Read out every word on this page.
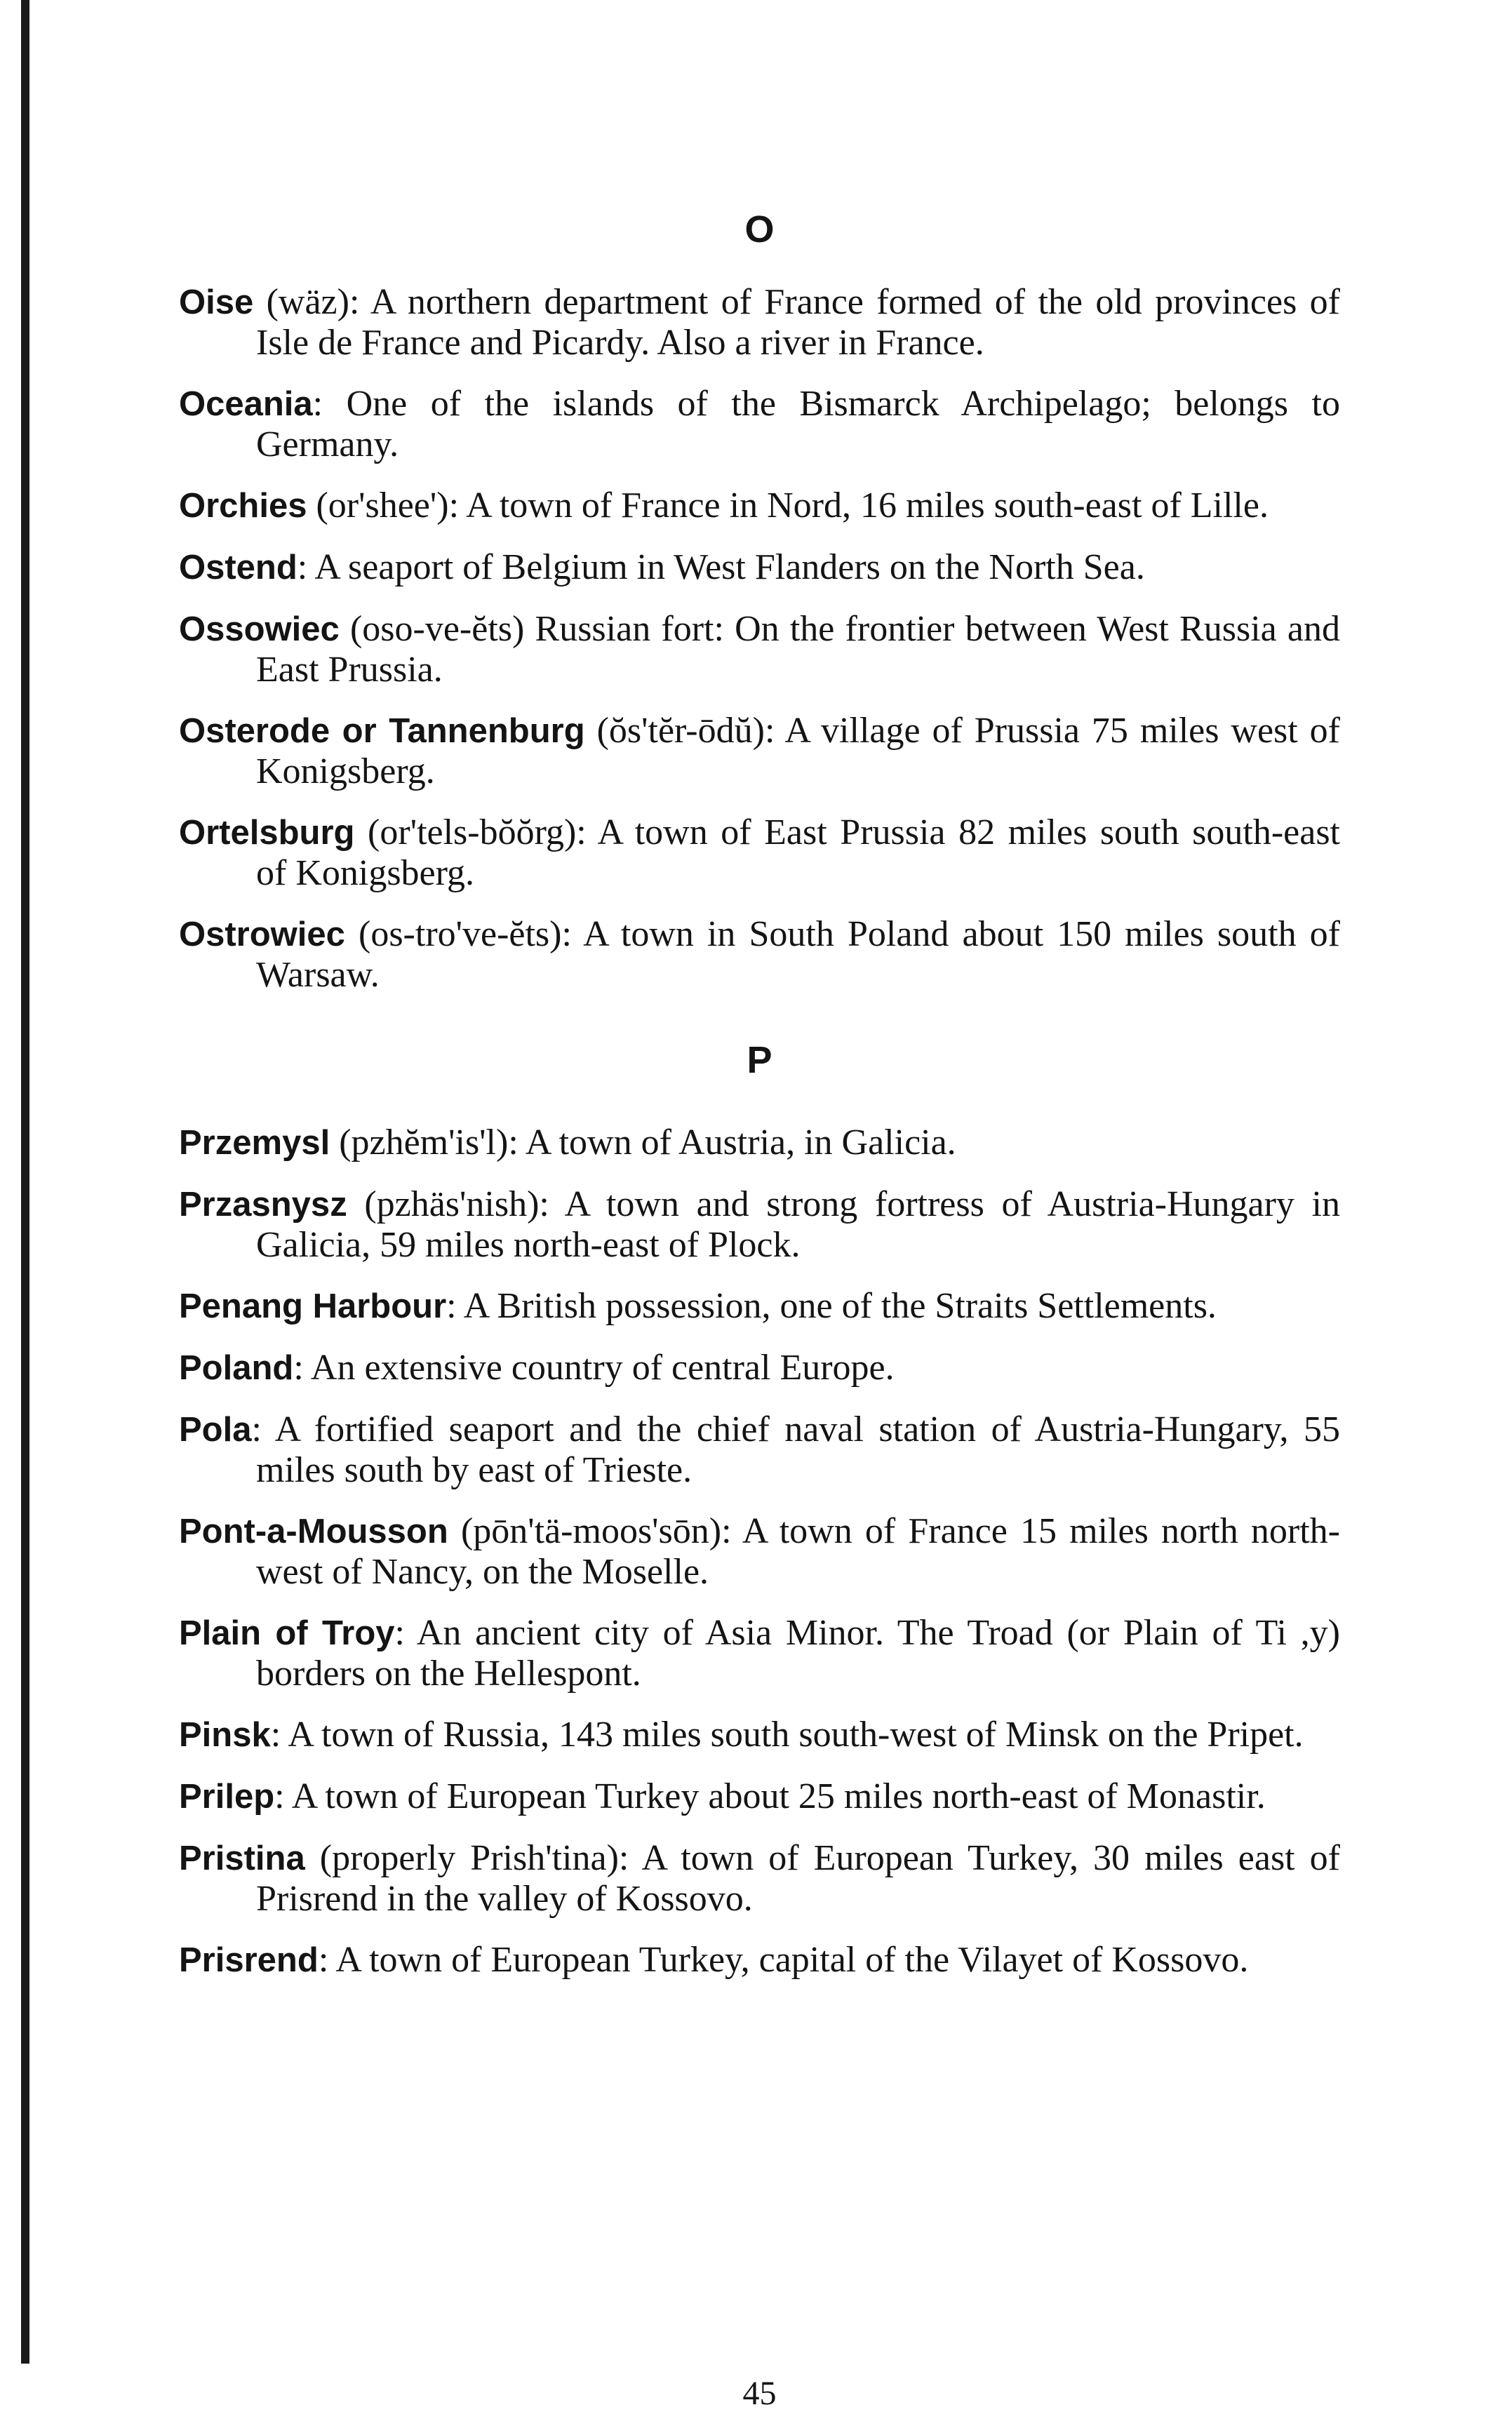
O

Oise (wäz): A northern department of France formed of the old provinces of Isle de France and Picardy. Also a river in France.

Oceania: One of the islands of the Bismarck Archipelago; belongs to Germany.

Orchies (or'shee'): A town of France in Nord, 16 miles south-east of Lille.

Ostend: A seaport of Belgium in West Flanders on the North Sea.

Ossowiec (oso-ve-ĕts) Russian fort: On the frontier between West Russia and East Prussia.

Osterode or Tannenburg (ŏs'tĕr-ōdŭ): A village of Prussia 75 miles west of Konigsberg.

Ortelsburg (or'tels-bŏŏrg): A town of East Prussia 82 miles south south-east of Konigsberg.

Ostrowiec (os-tro've-ĕts): A town in South Poland about 150 miles south of Warsaw.

P

Przemysl (pzhĕm'is'l): A town of Austria, in Galicia.

Przasnysz (pzhäs'nish): A town and strong fortress of Austria-Hungary in Galicia, 59 miles north-east of Plock.

Penang Harbour: A British possession, one of the Straits Settlements.

Poland: An extensive country of central Europe.

Pola: A fortified seaport and the chief naval station of Austria-Hungary, 55 miles south by east of Trieste.

Pont-a-Mousson (pōn'tä-moos'sōn): A town of France 15 miles north north-west of Nancy, on the Moselle.

Plain of Troy: An ancient city of Asia Minor. The Troad (or Plain of Ti ,y) borders on the Hellespont.

Pinsk: A town of Russia, 143 miles south south-west of Minsk on the Pripet.

Prilep: A town of European Turkey about 25 miles north-east of Monastir.

Pristina (properly Prish'tina): A town of European Turkey, 30 miles east of Prisrend in the valley of Kossovo.

Prisrend: A town of European Turkey, capital of the Vilayet of Kossovo.

45
